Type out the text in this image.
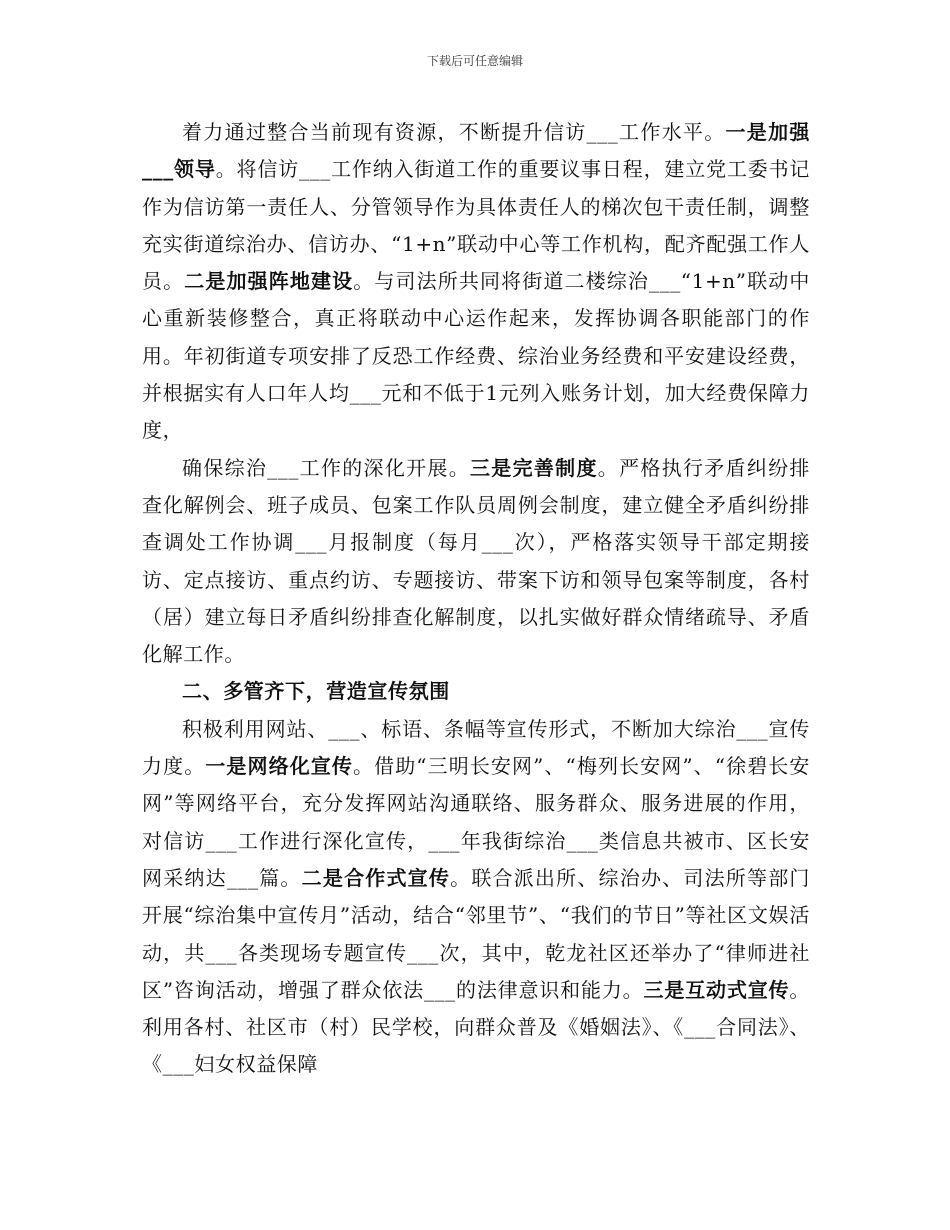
下载后可任意编辑

着力通过整合当前现有资源，不断提升信访___工作水平。一是加强___领导。将信访___工作纳入街道工作的重要议事日程，建立党工委书记作为信访第一责任人、分管领导作为具体责任人的梯次包干责任制，调整充实街道综治办、信访办、“1+n”联动中心等工作机构，配齐配强工作人员。二是加强阵地建设。与司法所共同将街道二楼综治___“1+n”联动中心重新装修整合，真正将联动中心运作起来，发挥协调各职能部门的作用。年初街道专项安排了反恐工作经费、综治业务经费和平安建设经费，并根据实有人口年人均___元和不低于1元列入账务计划，加大经费保障力度，

确保综治___工作的深化开展。三是完善制度。严格执行矛盾纠纷排查化解例会、班子成员、包案工作队员周例会制度，建立健全矛盾纠纷排查调处工作协调___月报制度（每月___次），严格落实领导干部定期接访、定点接访、重点约访、专题接访、带案下访和领导包案等制度，各村（居）建立每日矛盾纠纷排查化解制度，以扎实做好群众情绪疏导、矛盾化解工作。

二、多管齐下，营造宣传氛围

积极利用网站、___、标语、条幅等宣传形式，不断加大综治___宣传力度。一是网络化宣传。借助“三明长安网”、“梅列长安网”、“徐碧长安网”等网络平台，充分发挥网站沟通联络、服务群众、服务进展的作用，对信访___工作进行深化宣传，___年我街综治___类信息共被市、区长安网采纳达___篇。二是合作式宣传。联合派出所、综治办、司法所等部门开展“综治集中宣传月”活动，结合“邻里节”、“我们的节日”等社区文娱活动，共___各类现场专题宣传___次，其中，乾龙社区还举办了“律师进社区”咨询活动，增强了群众依法___的法律意识和能力。三是互动式宣传。利用各村、社区市（村）民学校，向群众普及《婚姻法》、《___合同法》、《___妇女权益保障
